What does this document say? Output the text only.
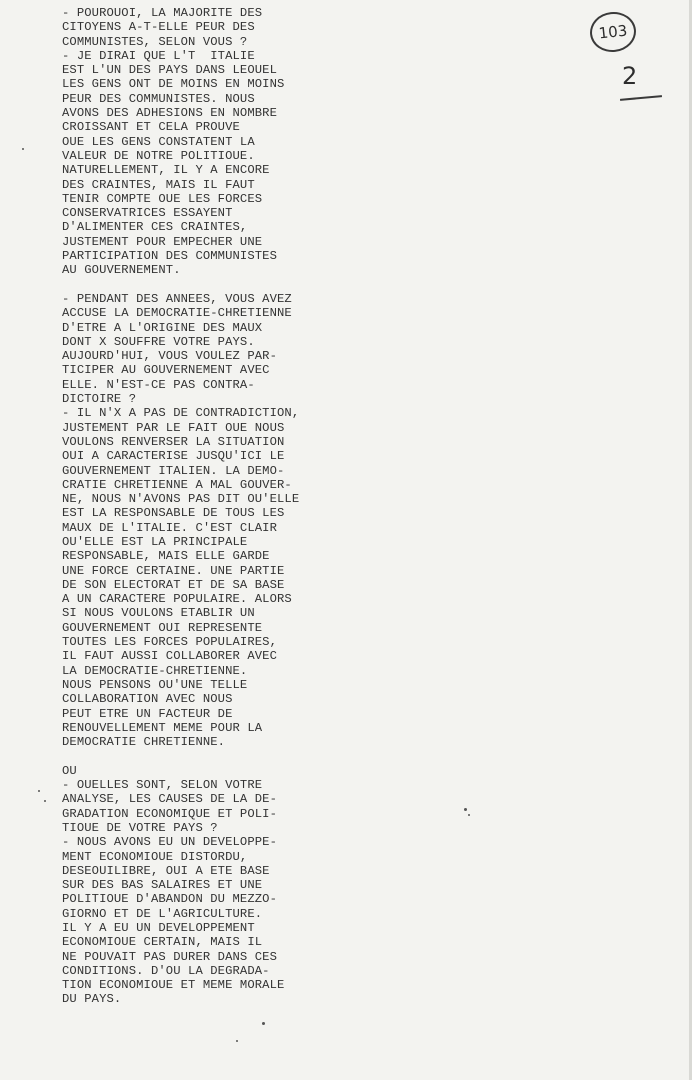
103
2
- POUROUOI, LA MAJORITE DES
CITOYENS A-T-ELLE PEUR DES
COMMUNISTES, SELON VOUS ?
- JE DIRAI QUE L'T  ITALIE
EST L'UN DES PAYS DANS LEOUEL
LES GENS ONT DE MOINS EN MOINS
PEUR DES COMMUNISTES. NOUS
AVONS DES ADHESIONS EN NOMBRE
CROISSANT ET CELA PROUVE
OUE LES GENS CONSTATENT LA
VALEUR DE NOTRE POLITIOUE.
NATURELLEMENT, IL Y A ENCORE
DES CRAINTES, MAIS IL FAUT
TENIR COMPTE OUE LES FORCES
CONSERVATRICES ESSAYENT
D'ALIMENTER CES CRAINTES,
JUSTEMENT POUR EMPECHER UNE
PARTICIPATION DES COMMUNISTES
AU GOUVERNEMENT.
- PENDANT DES ANNEES, VOUS AVEZ
ACCUSE LA DEMOCRATIE-CHRETIENNE
D'ETRE A L'ORIGINE DES MAUX
DONT X SOUFFRE VOTRE PAYS.
AUJOURD'HUI, VOUS VOULEZ PAR-
TICIPER AU GOUVERNEMENT AVEC
ELLE. N'EST-CE PAS CONTRA-
DICTOIRE ?
- IL N'X A PAS DE CONTRADICTION,
JUSTEMENT PAR LE FAIT OUE NOUS
VOULONS RENVERSER LA SITUATION
OUI A CARACTERISE JUSQU'ICI LE
GOUVERNEMENT ITALIEN. LA DEMO-
CRATIE CHRETIENNE A MAL GOUVER-
NE, NOUS N'AVONS PAS DIT OU'ELLE
EST LA RESPONSABLE DE TOUS LES
MAUX DE L'ITALIE. C'EST CLAIR
OU'ELLE EST LA PRINCIPALE
RESPONSABLE, MAIS ELLE GARDE
UNE FORCE CERTAINE. UNE PARTIE
DE SON ELECTORAT ET DE SA BASE
A UN CARACTERE POPULAIRE. ALORS
SI NOUS VOULONS ETABLIR UN
GOUVERNEMENT OUI REPRESENTE
TOUTES LES FORCES POPULAIRES,
IL FAUT AUSSI COLLABORER AVEC
LA DEMOCRATIE-CHRETIENNE.
NOUS PENSONS OU'UNE TELLE
COLLABORATION AVEC NOUS
PEUT ETRE UN FACTEUR DE
RENOUVELLEMENT MEME POUR LA
DEMOCRATIE CHRETIENNE.
OU
- OUELLES SONT, SELON VOTRE
ANALYSE, LES CAUSES DE LA DE-
GRADATION ECONOMIQUE ET POLI-
TIOUE DE VOTRE PAYS ?
- NOUS AVONS EU UN DEVELOPPE-
MENT ECONOMIOUE DISTORDU,
DESEOUILIBRE, OUI A ETE BASE
SUR DES BAS SALAIRES ET UNE
POLITIOUE D'ABANDON DU MEZZO-
GIORNO ET DE L'AGRICULTURE.
IL Y A EU UN DEVELOPPEMENT
ECONOMIOUE CERTAIN, MAIS IL
NE POUVAIT PAS DURER DANS CES
CONDITIONS. D'OU LA DEGRADA-
TION ECONOMIOUE ET MEME MORALE
DU PAYS.
